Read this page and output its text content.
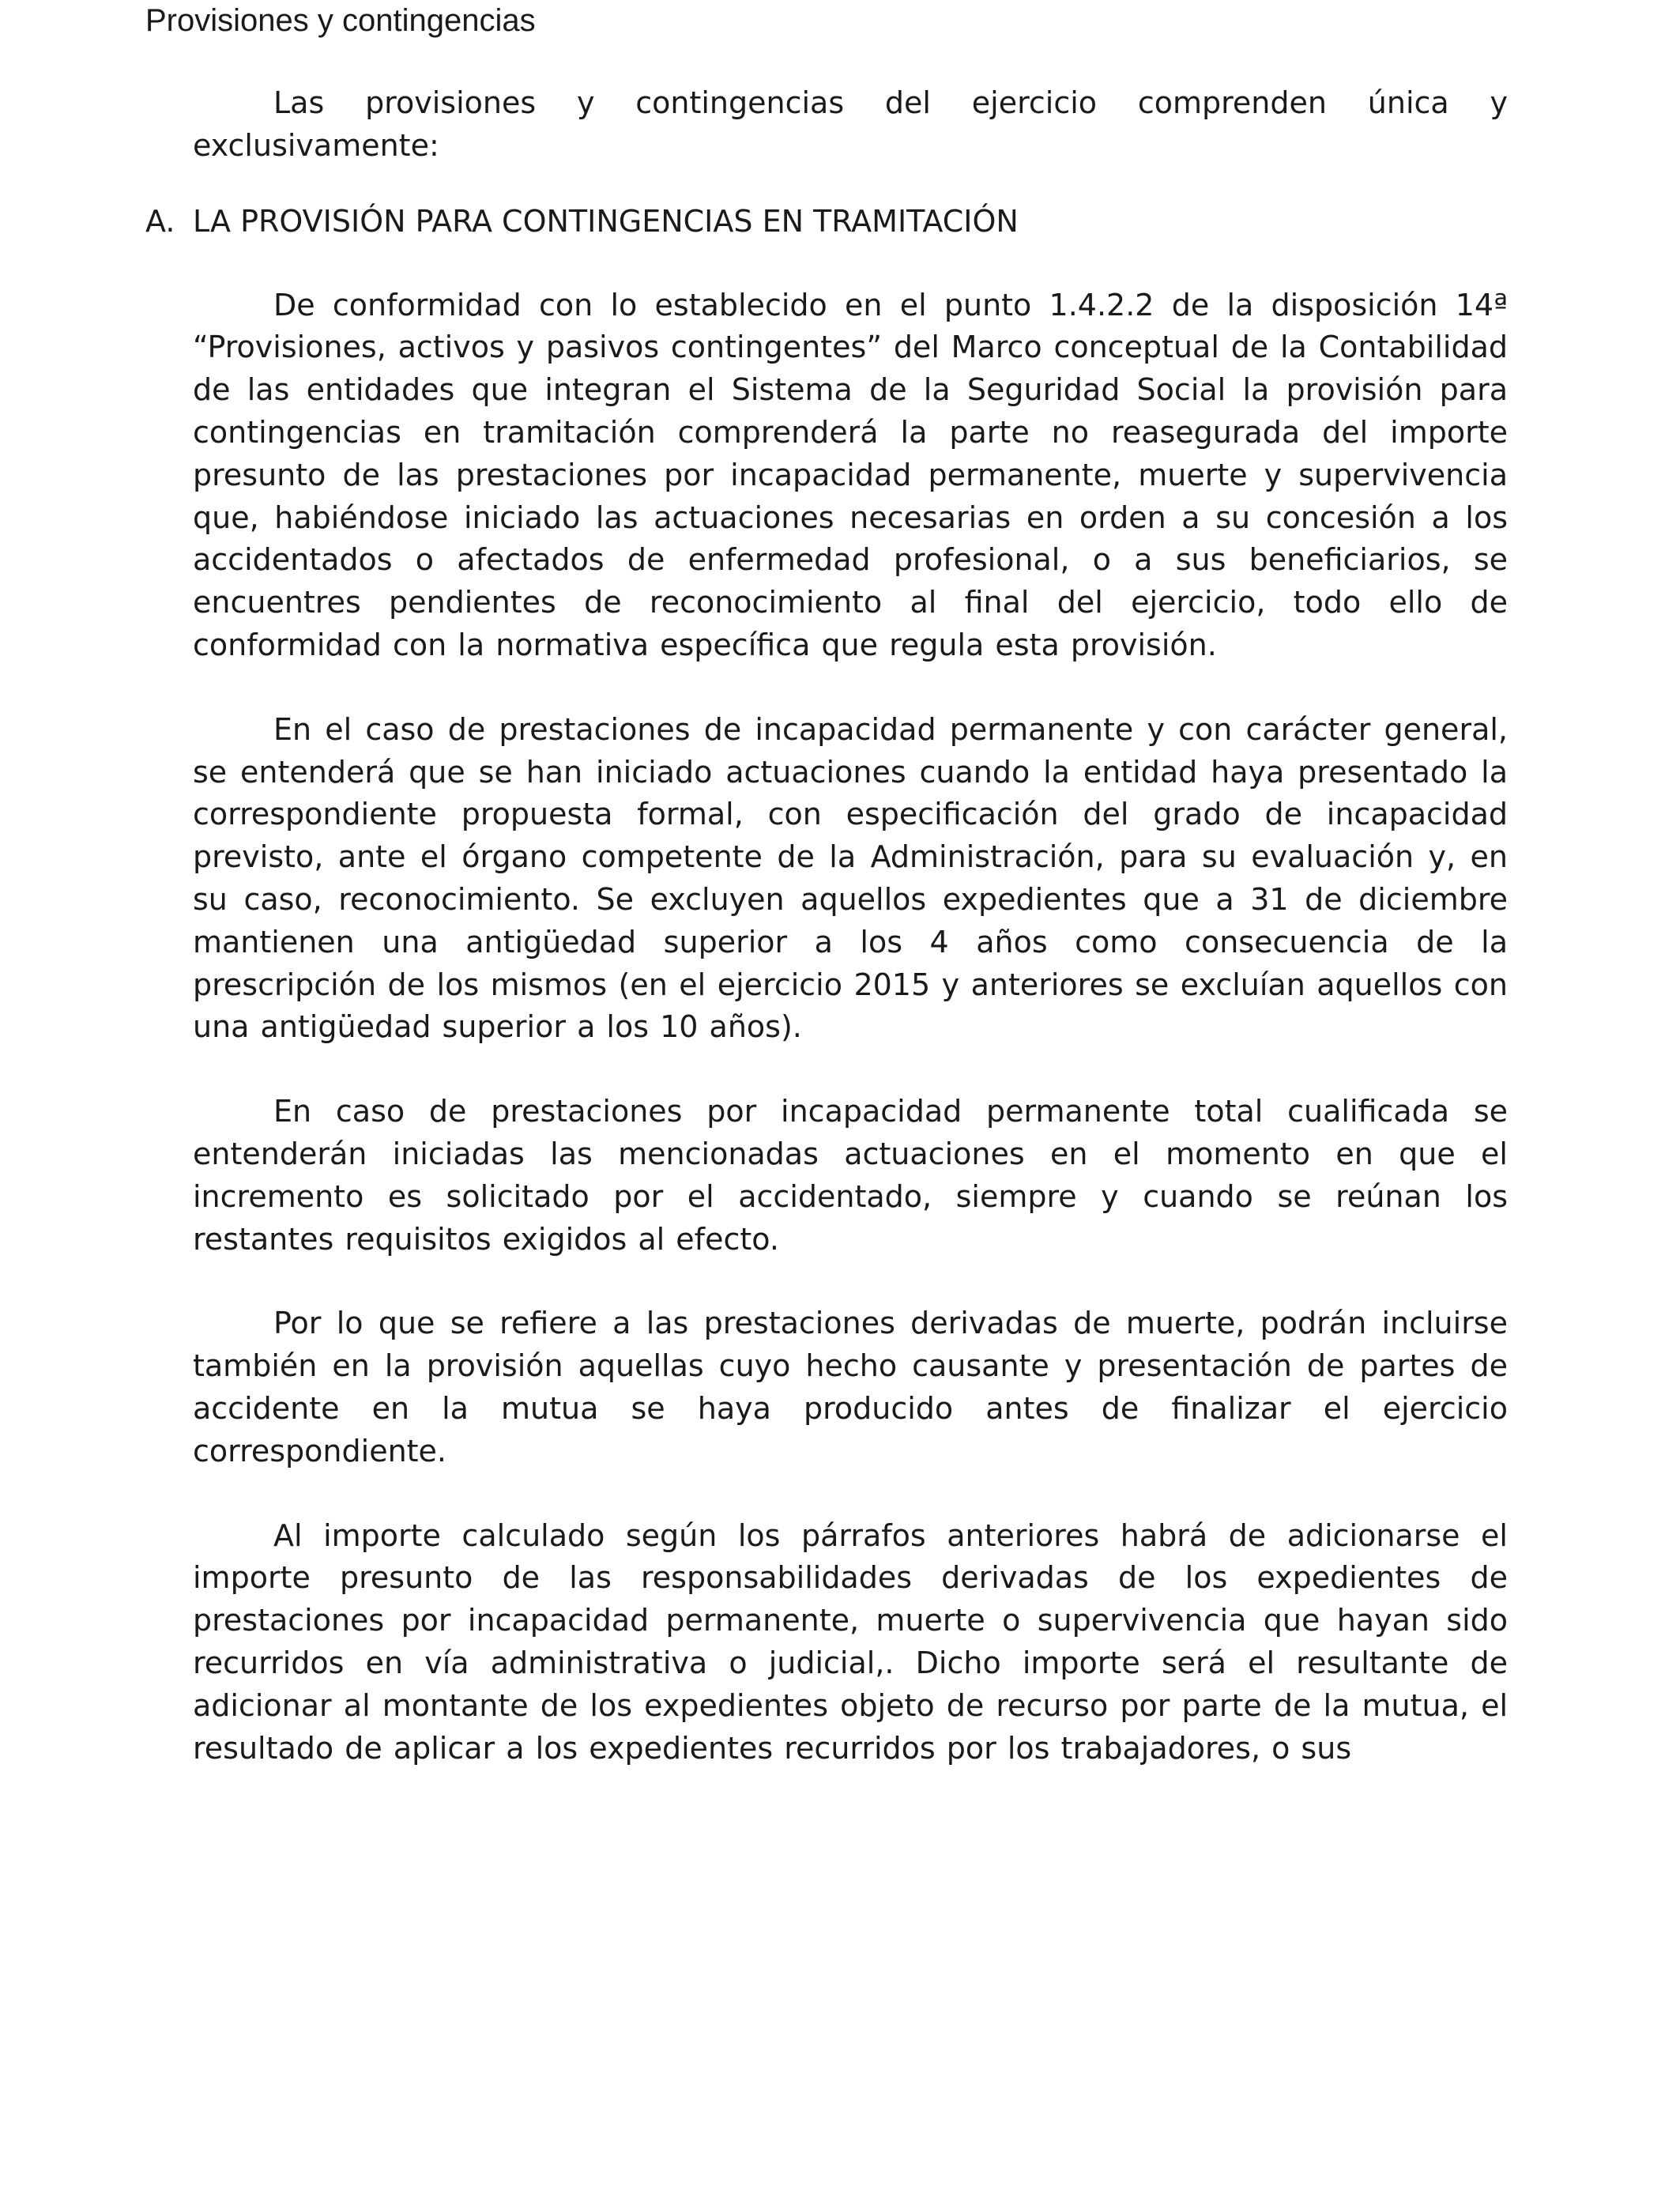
Provisiones y contingencias

Las provisiones y contingencias del ejercicio comprenden única y exclusivamente:

A. LA PROVISIÓN PARA CONTINGENCIAS EN TRAMITACIÓN

De conformidad con lo establecido en el punto 1.4.2.2 de la disposición 14ª “Provisiones, activos y pasivos contingentes” del Marco conceptual de la Contabilidad de las entidades que integran el Sistema de la Seguridad Social la provisión para contingencias en tramitación comprenderá la parte no reasegurada del importe presunto de las prestaciones por incapacidad permanente, muerte y supervivencia que, habiéndose iniciado las actuaciones necesarias en orden a su concesión a los accidentados o afectados de enfermedad profesional, o a sus beneficiarios, se encuentres pendientes de reconocimiento al final del ejercicio, todo ello de conformidad con la normativa específica que regula esta provisión.

En el caso de prestaciones de incapacidad permanente y con carácter general, se entenderá que se han iniciado actuaciones cuando la entidad haya presentado la correspondiente propuesta formal, con especificación del grado de incapacidad previsto, ante el órgano competente de la Administración, para su evaluación y, en su caso, reconocimiento. Se excluyen aquellos expedientes que a 31 de diciembre mantienen una antigüedad superior a los 4 años como consecuencia de la prescripción de los mismos (en el ejercicio 2015 y anteriores se excluían aquellos con una antigüedad superior a los 10 años).

En caso de prestaciones por incapacidad permanente total cualificada se entenderán iniciadas las mencionadas actuaciones en el momento en que el incremento es solicitado por el accidentado, siempre y cuando se reúnan los restantes requisitos exigidos al efecto.

Por lo que se refiere a las prestaciones derivadas de muerte, podrán incluirse también en la provisión aquellas cuyo hecho causante y presentación de partes de accidente en la mutua se haya producido antes de finalizar el ejercicio correspondiente.

Al importe calculado según los párrafos anteriores habrá de adicionarse el importe presunto de las responsabilidades derivadas de los expedientes de prestaciones por incapacidad permanente, muerte o supervivencia que hayan sido recurridos en vía administrativa o judicial,. Dicho importe será el resultante de adicionar al montante de los expedientes objeto de recurso por parte de la mutua, el resultado de aplicar a los expedientes recurridos por los trabajadores, o sus
